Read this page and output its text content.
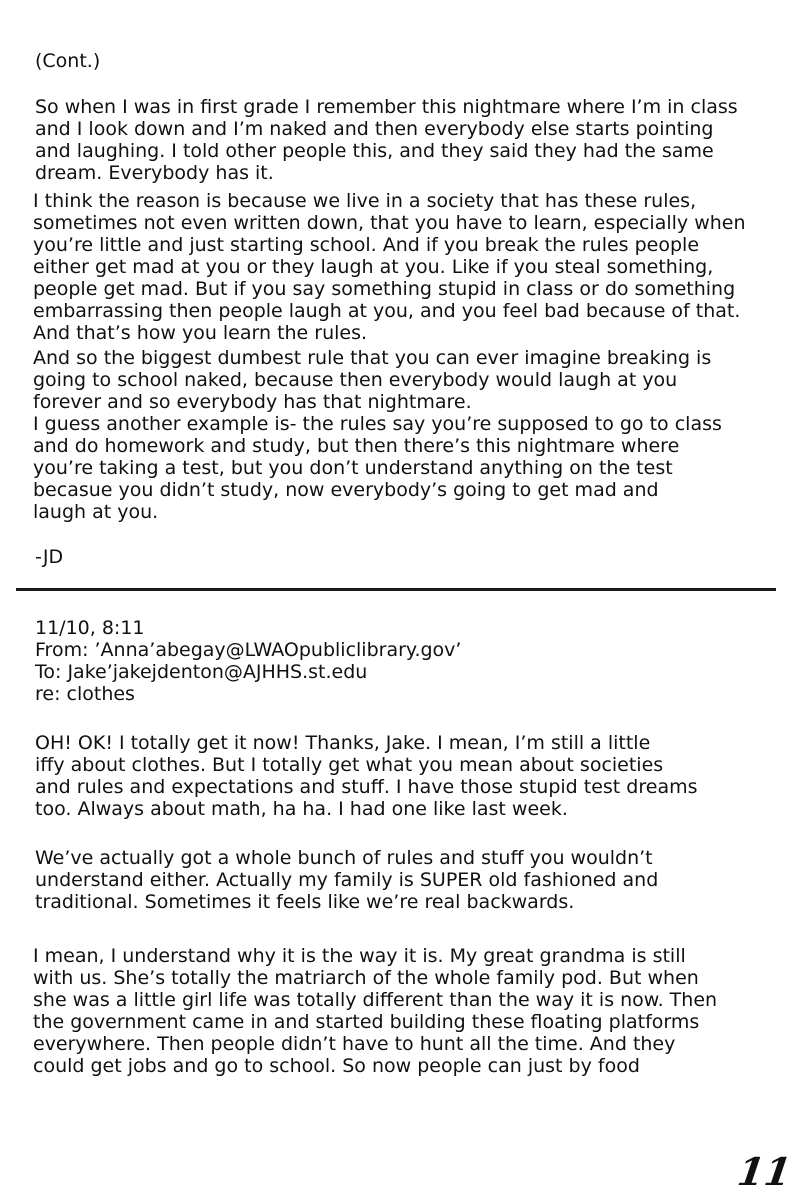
(Cont.)
So when I was in first grade I remember this nightmare where I’m in class
and I look down and I’m naked and then everybody else starts pointing
and laughing. I told other people this, and they said they had the same
dream. Everybody has it.
I think the reason is because we live in a society that has these rules,
sometimes not even written down, that you have to learn, especially when
you’re little and just starting school. And if you break the rules people
either get mad at you or they laugh at you. Like if you steal something,
people get mad. But if you say something stupid in class or do something
embarrassing then people laugh at you, and you feel bad because of that.
And that’s how you learn the rules.
And so the biggest dumbest rule that you can ever imagine breaking is
going to school naked, because then everybody would laugh at you
forever and so everybody has that nightmare.
I guess another example is- the rules say you’re supposed to go to class
and do homework and study, but then there’s this nightmare where
you’re taking a test, but you don’t understand anything on the test
becasue you didn’t study, now everybody’s going to get mad and
laugh at you.
-JD
11/10, 8:11
From: ’Anna’abegay@LWAOpubliclibrary.gov’
To: Jake’jakejdenton@AJHHS.st.edu
re: clothes
OH! OK! I totally get it now! Thanks, Jake. I mean, I’m still a little
iffy about clothes. But I totally get what you mean about societies
and rules and expectations and stuff. I have those stupid test dreams
too. Always about math, ha ha. I had one like last week.
We’ve actually got a whole bunch of rules and stuff you wouldn’t
understand either. Actually my family is SUPER old fashioned and
traditional. Sometimes it feels like we’re real backwards.
I mean, I understand why it is the way it is. My great grandma is still
with us. She’s totally the matriarch of the whole family pod. But when
she was a little girl life was totally different than the way it is now. Then
the government came in and started building these floating platforms
everywhere. Then people didn’t have to hunt all the time. And they
could get jobs and go to school. So now people can just by food
11
